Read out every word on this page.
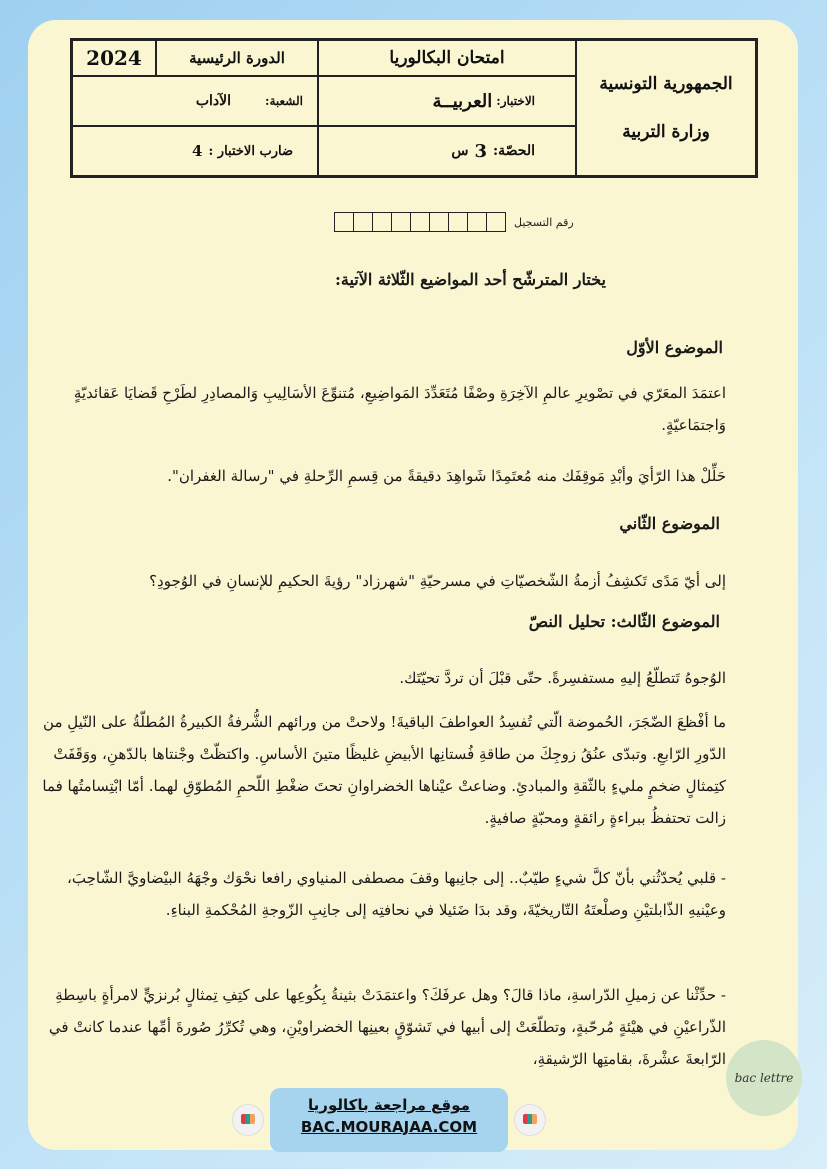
الجمهورية التونسية
وزارة التربية
امتحان البكالوريا
الاختبار:
العربيــة
الحصّة:
3
س
الدورة الرئيسية
2024
الشعبة:
الآداب
ضارب الاختبار :
4
رقم التسجيل
يختار المترشّح أحد المواضيع الثّلاثة الآتية:
الموضوع الأوّل
اعتمَدَ المعَرّي في تصْويرِ عالمِ الآخِرَةِ وصْفًا مُتَعَدِّدَ المَواضِيعِ، مُتنوِّعَ الأسَالِيبِ وَالمصادِرِ لطَرْحِ قَضايَا عَقائديّةٍ وَاجتمَاعيّةٍ.
حَلِّلْ هذا الرّأيَ وأبْدِ مَوقِفَك منه مُعتَمِدًا شَواهِدَ دقيقةً من قِسمِ الرِّحلةِ في "رسالة الغفران".
الموضوع الثّاني
إلى أيّ مَدًى تَكشِفُ أزمةُ الشّخصيّاتِ في مسرحيّةِ "شهرزاد" رؤيةَ الحكيمِ للإنسانِ في الوُجودِ؟
الموضوع الثّالث: تحليل النصّ
الوُجوهُ تَتطلّعُ إليهِ مستفسِرةً. حتّى قبْلَ أن تردَّ تحيّتَك.
ما أفْظعَ الضّجَرَ، الحُموضة الّتي تُفسِدُ العواطفَ الباقيةَ! ولاحتْ من ورائهم الشُّرفةُ الكبيرةُ المُطلّةُ على النّيلِ من الدّورِ الرّابعِ. وتبدّى عنُقُ زوجِكَ من طاقةِ فُستانِها الأبيضِ غليظًا متينَ الأساسِ. واكتظّتْ وجْنتاها بالدّهنِ، ووَقَفَتْ كتِمثالٍ ضخمٍ مليءٍ بالثّقةِ والمبادئِ. وضاعتْ عيْناها الخضراوانِ تحتَ ضغْطِ اللّحمِ المُطوّقِ لهما. أمّا ابْتِسامتُها فما زالت تحتفظُ ببراءةٍ رائقةٍ ومحبّةٍ صافيةٍ.
- قلبي يُحدّثُني بأنّ كلَّ شيءٍ طيّبٌ.. إلى جانِبها وقفَ مصطفى المنياوي رافعا نحْوَك وجْهَهُ البيْضاويَّ الشّاحِبَ، وعيْنيهِ الذّابلتيْنِ وصلْعتَهُ التّاريخيّةَ، وقد بدَا ضَئيلا في نحافتِه إلى جانِبِ الزّوجةِ المُحْكمةِ البناءِ.
- حدِّثْنا عن زميلِ الدّراسةِ، ماذا قالَ؟ وهل عرفَكَ؟ واعتمَدَتْ بثينةُ بِكُوعِها على كتِفِ تِمثالٍ بُرنزيٍّ لامرأةٍ باسِطةِ الذّراعيْنِ في هيْئةٍ مُرحّبةٍ، وتطلّعَتْ إلى أبيها في تَشوّقٍ بعينِها الخضراويْنِ، وهي تُكرِّرُ صُورةَ أمِّها عندما كانتْ في الرّابعةَ عشْرةَ، بقامتِها الرّشيقةِ،
موقع مراجعة باكالوريا
BAC.MOURAJAA.COM
bac lettre
